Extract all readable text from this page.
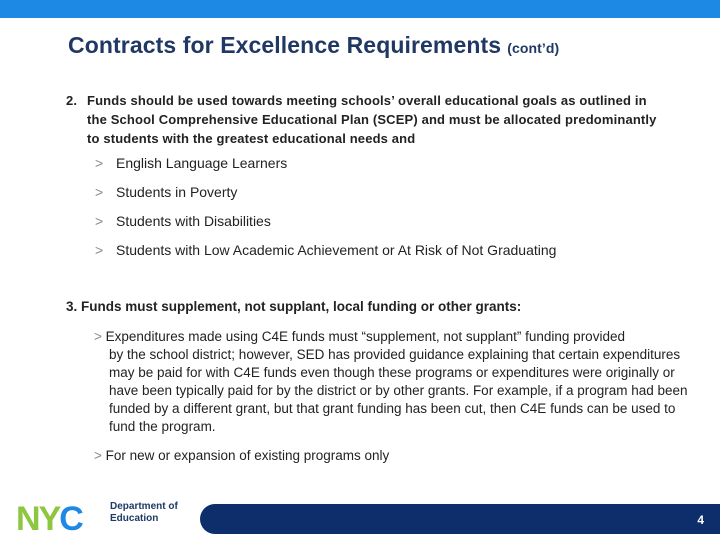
Contracts for Excellence Requirements (cont’d)
2. Funds should be used towards meeting schools’ overall educational goals as outlined in the School Comprehensive Educational Plan (SCEP) and must be allocated predominantly to students with the greatest educational needs and
> English Language Learners
> Students in Poverty
> Students with Disabilities
> Students with Low Academic Achievement or At Risk of Not Graduating
3. Funds must supplement, not supplant, local funding or other grants:
> Expenditures made using C4E funds must “supplement, not supplant” funding provided
by the school district; however, SED has provided guidance explaining that certain expenditures may be paid for with C4E funds even though these programs or expenditures were originally or have been typically paid for by the district or by other grants. For example, if a program had been funded by a different grant, but that grant funding has been cut, then C4E funds can be used to fund the program.
> For new or expansion of existing programs only
NYC	Department of
Education	4
